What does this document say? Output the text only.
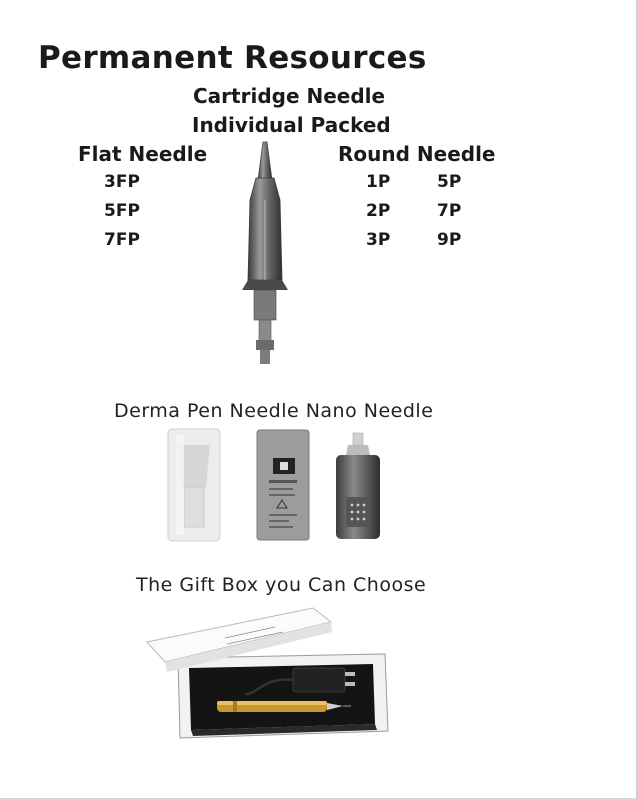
Permanent Resources
Cartridge Needle
Individual Packed
Flat Needle
3FP
5FP
7FP
Round Needle
1P
2P
3P
5P
7P
9P
Derma Pen Needle Nano Needle
The Gift Box you Can Choose
